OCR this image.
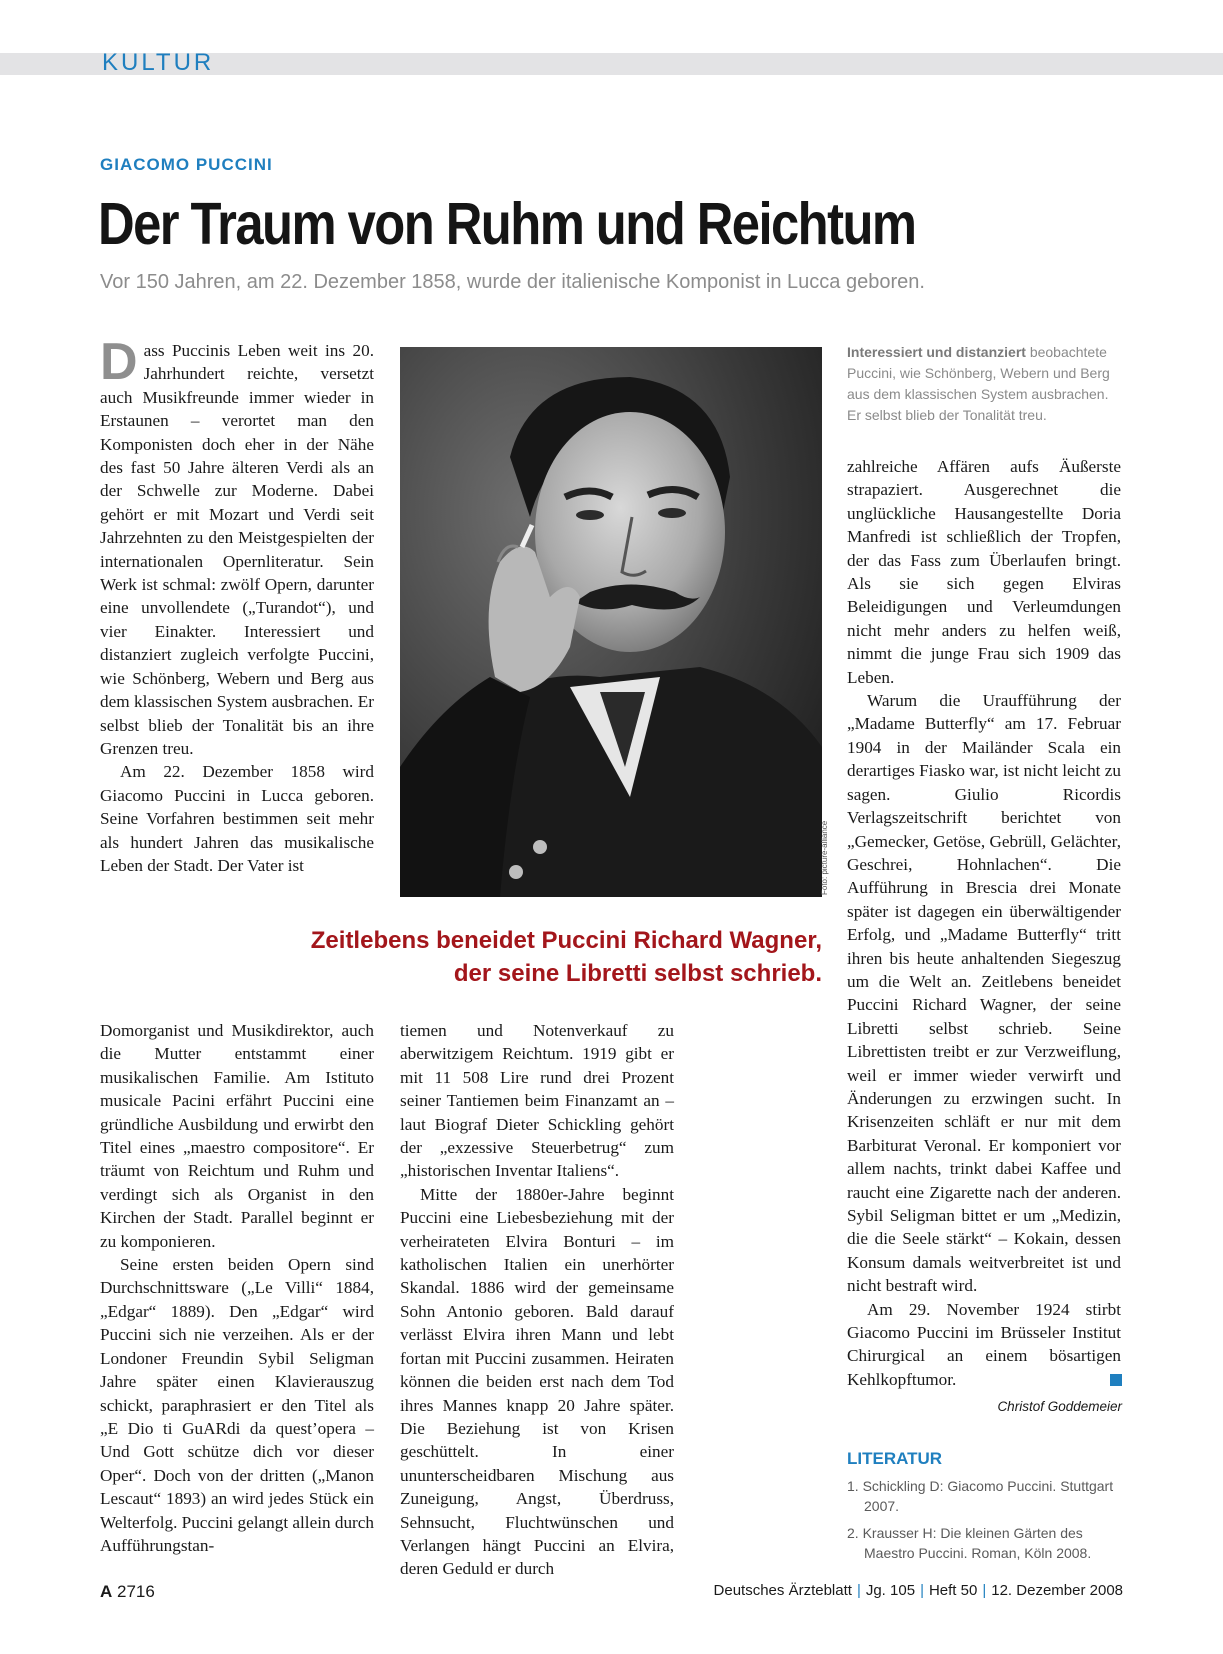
KULTUR
GIACOMO PUCCINI
Der Traum von Ruhm und Reichtum
Vor 150 Jahren, am 22. Dezember 1858, wurde der italienische Komponist in Lucca geboren.

Dass Puccinis Leben weit ins 20. Jahrhundert reichte, versetzt auch Musikfreunde immer wieder in Erstaunen – verortet man den Komponisten doch eher in der Nähe des fast 50 Jahre älteren Verdi als an der Schwelle zur Moderne. Dabei gehört er mit Mozart und Verdi seit Jahrzehnten zu den Meistgespielten der internationalen Opernliteratur. Sein Werk ist schmal: zwölf Opern, darunter eine unvollendete („Turandot“), und vier Einakter. Interessiert und distanziert zugleich verfolgte Puccini, wie Schönberg, Webern und Berg aus dem klassischen System ausbrachen. Er selbst blieb der Tonalität bis an ihre Grenzen treu.

Am 22. Dezember 1858 wird Giacomo Puccini in Lucca geboren. Seine Vorfahren bestimmen seit mehr als hundert Jahren das musikalische Leben der Stadt. Der Vater ist	Foto: picture-alliance
Zeitlebens beneidet Puccini Richard Wagner,
der seine Libretti selbst schrieb.
Interessiert und distanziert beobachtete Puccini, wie Schönberg, Webern und Berg aus dem klassischen System ausbrachen. Er selbst blieb der Tonalität treu.

Domorganist und Musikdirektor, auch die Mutter entstammt einer musikalischen Familie. Am Istituto musicale Pacini erfährt Puccini eine gründliche Ausbildung und erwirbt den Titel eines „maestro compositore“. Er träumt von Reichtum und Ruhm und verdingt sich als Organist in den Kirchen der Stadt. Parallel beginnt er zu komponieren.

Seine ersten beiden Opern sind Durchschnittsware („Le Villi“ 1884, „Edgar“ 1889). Den „Edgar“ wird Puccini sich nie verzeihen. Als er der Londoner Freundin Sybil Seligman Jahre später einen Klavierauszug schickt, paraphrasiert er den Titel als „E Dio ti GuARdi da quest’opera – Und Gott schütze dich vor dieser Oper“. Doch von der dritten („Manon Lescaut“ 1893) an wird jedes Stück ein Welterfolg. Puccini gelangt allein durch Aufführungstan-

tiemen und Notenverkauf zu aberwitzigem Reichtum. 1919 gibt er mit 11 508 Lire rund drei Prozent seiner Tantiemen beim Finanzamt an – laut Biograf Dieter Schickling gehört der „exzessive Steuerbetrug“ zum „historischen Inventar Italiens“.

Mitte der 1880er-Jahre beginnt Puccini eine Liebesbeziehung mit der verheirateten Elvira Bonturi – im katholischen Italien ein unerhörter Skandal. 1886 wird der gemeinsame Sohn Antonio geboren. Bald darauf verlässt Elvira ihren Mann und lebt fortan mit Puccini zusammen. Heiraten können die beiden erst nach dem Tod ihres Mannes knapp 20 Jahre später. Die Beziehung ist von Krisen geschüttelt. In einer ununterscheidbaren Mischung aus Zuneigung, Angst, Überdruss, Sehnsucht, Fluchtwünschen und Verlangen hängt Puccini an Elvira, deren Geduld er durch

zahlreiche Affären aufs Äußerste strapaziert. Ausgerechnet die unglückliche Hausangestellte Doria Manfredi ist schließlich der Tropfen, der das Fass zum Überlaufen bringt. Als sie sich gegen Elviras Beleidigungen und Verleumdungen nicht mehr anders zu helfen weiß, nimmt die junge Frau sich 1909 das Leben.

Warum die Uraufführung der „Madame Butterfly“ am 17. Februar 1904 in der Mailänder Scala ein derartiges Fiasko war, ist nicht leicht zu sagen. Giulio Ricordis Verlagszeitschrift berichtet von „Gemecker, Getöse, Gebrüll, Gelächter, Geschrei, Hohnlachen“. Die Aufführung in Brescia drei Monate später ist dagegen ein überwältigender Erfolg, und „Madame Butterfly“ tritt ihren bis heute anhaltenden Siegeszug um die Welt an. Zeitlebens beneidet Puccini Richard Wagner, der seine Libretti selbst schrieb. Seine Librettisten treibt er zur Verzweiflung, weil er immer wieder verwirft und Änderungen zu erzwingen sucht. In Krisenzeiten schläft er nur mit dem Barbiturat Veronal. Er komponiert vor allem nachts, trinkt dabei Kaffee und raucht eine Zigarette nach der anderen. Sybil Seligman bittet er um „Medizin, die die Seele stärkt“ – Kokain, dessen Konsum damals weitverbreitet ist und nicht bestraft wird.

Am 29. November 1924 stirbt Giacomo Puccini im Brüsseler Institut Chirurgical an einem bösartigen Kehlkopftumor.

Christof Goddemeier
LITERATUR
1. Schickling D: Giacomo Puccini. Stuttgart 2007.
2. Krausser H: Die kleinen Gärten des Maestro Puccini. Roman, Köln 2008.
A 2716	Deutsches Ärzteblatt | Jg. 105 | Heft 50 | 12. Dezember 2008
